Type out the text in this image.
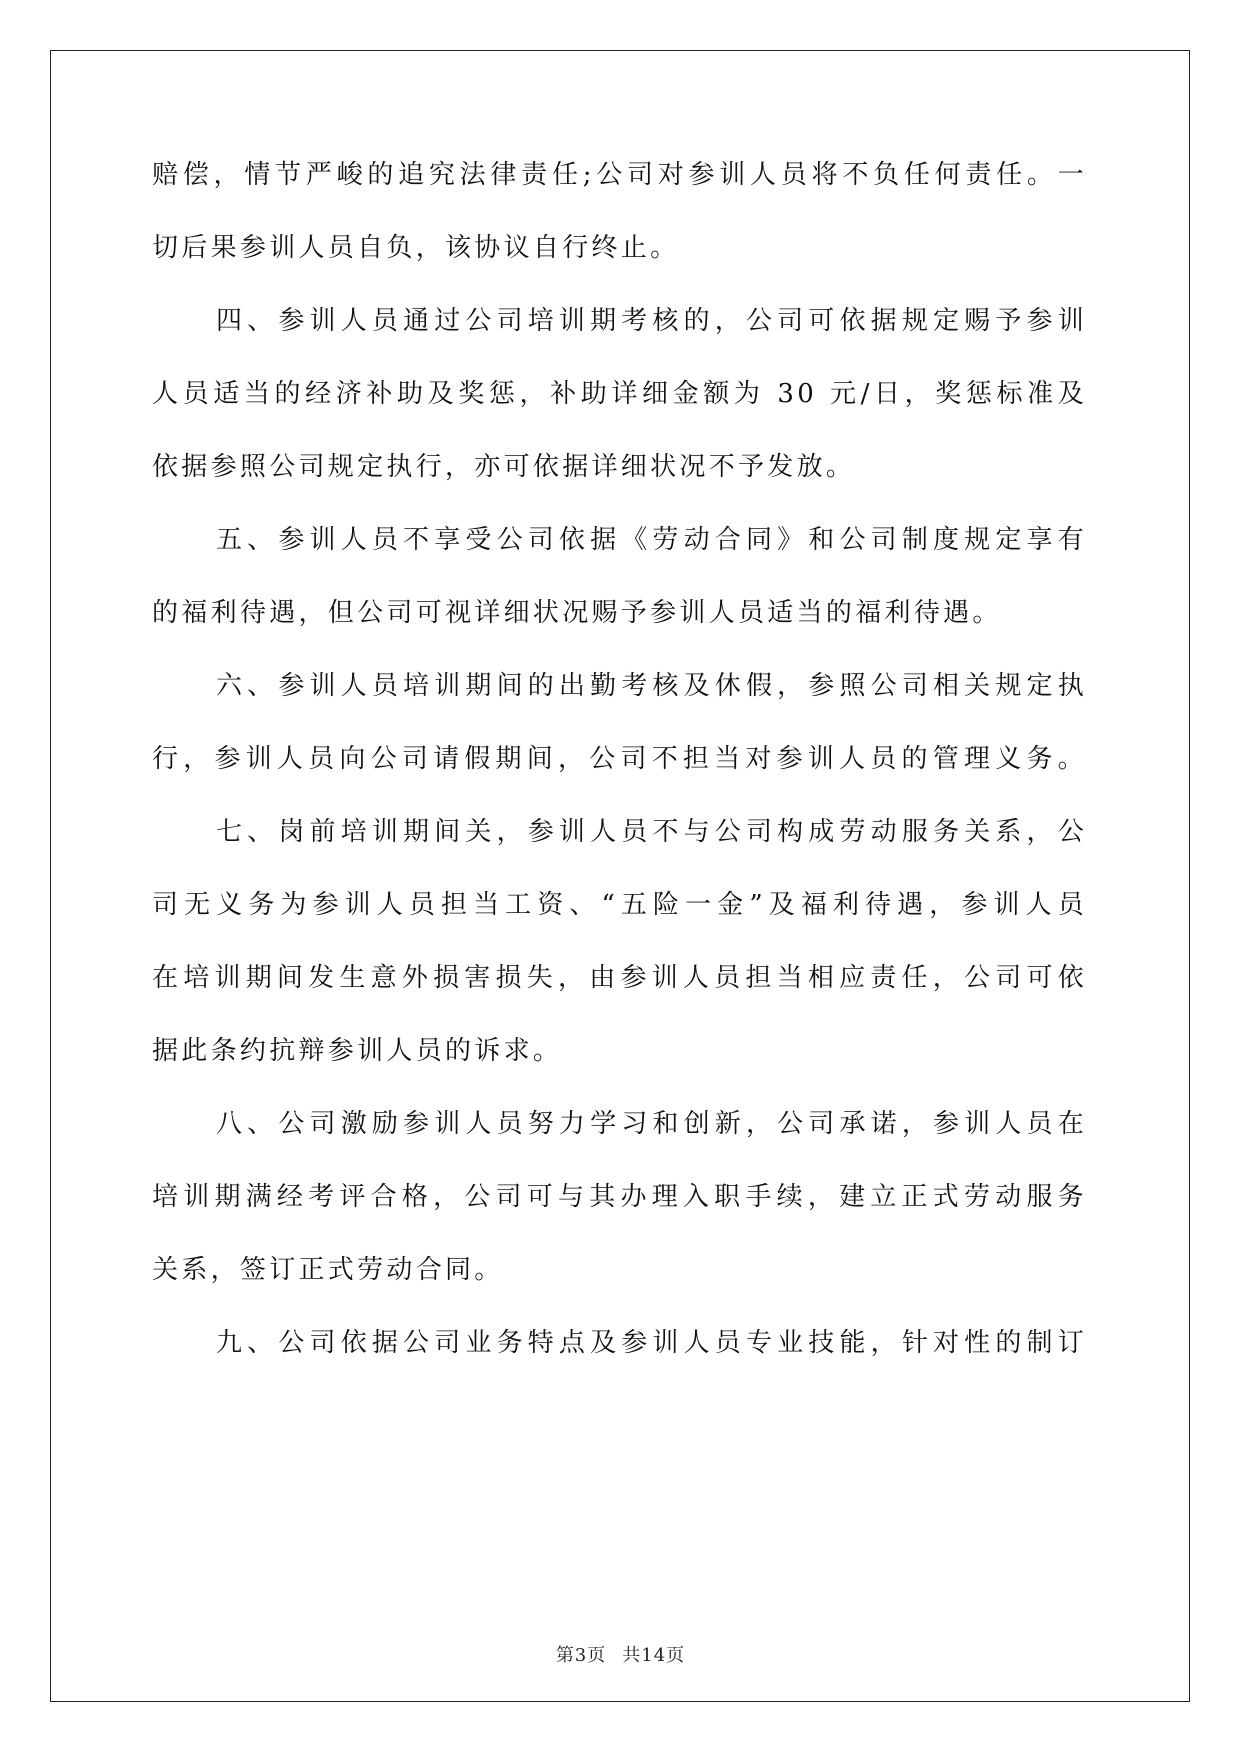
赔偿，情节严峻的追究法律责任;公司对参训人员将不负任何责任。一
切后果参训人员自负，该协议自行终止。
四、参训人员通过公司培训期考核的，公司可依据规定赐予参训
人员适当的经济补助及奖惩，补助详细金额为 30 元/日，奖惩标准及
依据参照公司规定执行，亦可依据详细状况不予发放。
五、参训人员不享受公司依据《劳动合同》和公司制度规定享有
的福利待遇，但公司可视详细状况赐予参训人员适当的福利待遇。
六、参训人员培训期间的出勤考核及休假，参照公司相关规定执
行，参训人员向公司请假期间，公司不担当对参训人员的管理义务。
七、岗前培训期间关，参训人员不与公司构成劳动服务关系，公
司无义务为参训人员担当工资、“五险一金”及福利待遇，参训人员
在培训期间发生意外损害损失，由参训人员担当相应责任，公司可依
据此条约抗辩参训人员的诉求。
八、公司激励参训人员努力学习和创新，公司承诺，参训人员在
培训期满经考评合格，公司可与其办理入职手续，建立正式劳动服务
关系，签订正式劳动合同。
九、公司依据公司业务特点及参训人员专业技能，针对性的制订
第3页 共14页
